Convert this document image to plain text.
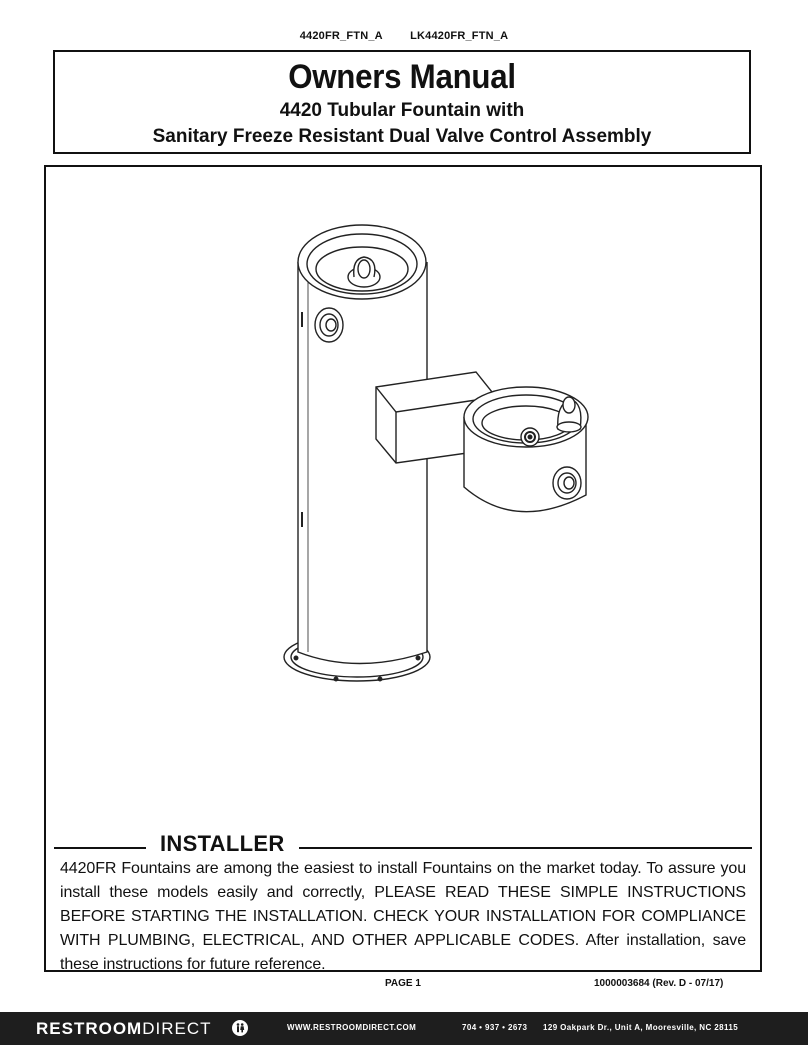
4420FR_FTN_A LK4420FR_FTN_A
Owners Manual
4420 Tubular Fountain with
Sanitary Freeze Resistant Dual Valve Control Assembly
INSTALLER
4420FR Fountains are among the easiest to install Fountains on the market today. To assure you install these models easily and correctly, PLEASE READ THESE SIMPLE INSTRUCTIONS BEFORE STARTING THE INSTALLATION. CHECK YOUR INSTALLATION FOR COMPLIANCE WITH PLUMBING, ELECTRICAL, AND OTHER APPLICABLE CODES. After installation, save these instructions for future reference.
PAGE 1	1000003684 (Rev. D - 07/17)
RESTROOMDIRECT	WWW.RESTROOMDIRECT.COM	704 • 937 • 2673 129 Oakpark Dr., Unit A, Mooresville, NC 28115
